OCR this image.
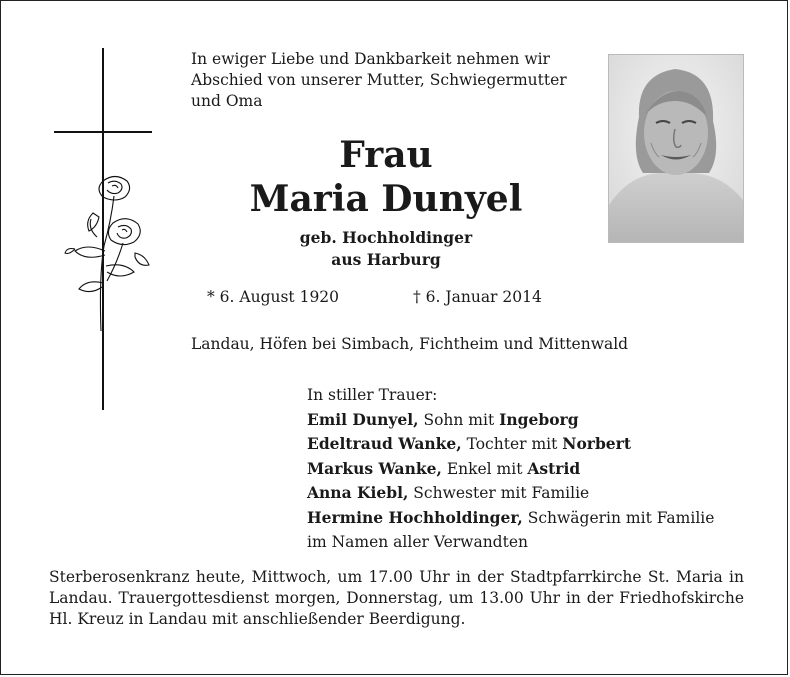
In ewiger Liebe und Dankbarkeit nehmen wir Abschied von unserer Mutter, Schwiegermutter und Oma
Frau
Maria Dunyel
geb. Hochholdinger
aus Harburg
* 6. August 1920	† 6. Januar 2014
Landau, Höfen bei Simbach, Fichtheim und Mittenwald
In stiller Trauer:
Emil Dunyel, Sohn mit Ingeborg
Edeltraud Wanke, Tochter mit Norbert
Markus Wanke, Enkel mit Astrid
Anna Kiebl, Schwester mit Familie
Hermine Hochholdinger, Schwägerin mit Familie
im Namen aller Verwandten
Sterberosenkranz heute, Mittwoch, um 17.00 Uhr in der Stadtpfarrkirche St. Maria in Landau. Trauergottesdienst morgen, Donnerstag, um 13.00 Uhr in der Friedhofskirche Hl. Kreuz in Landau mit anschließender Beerdigung.
